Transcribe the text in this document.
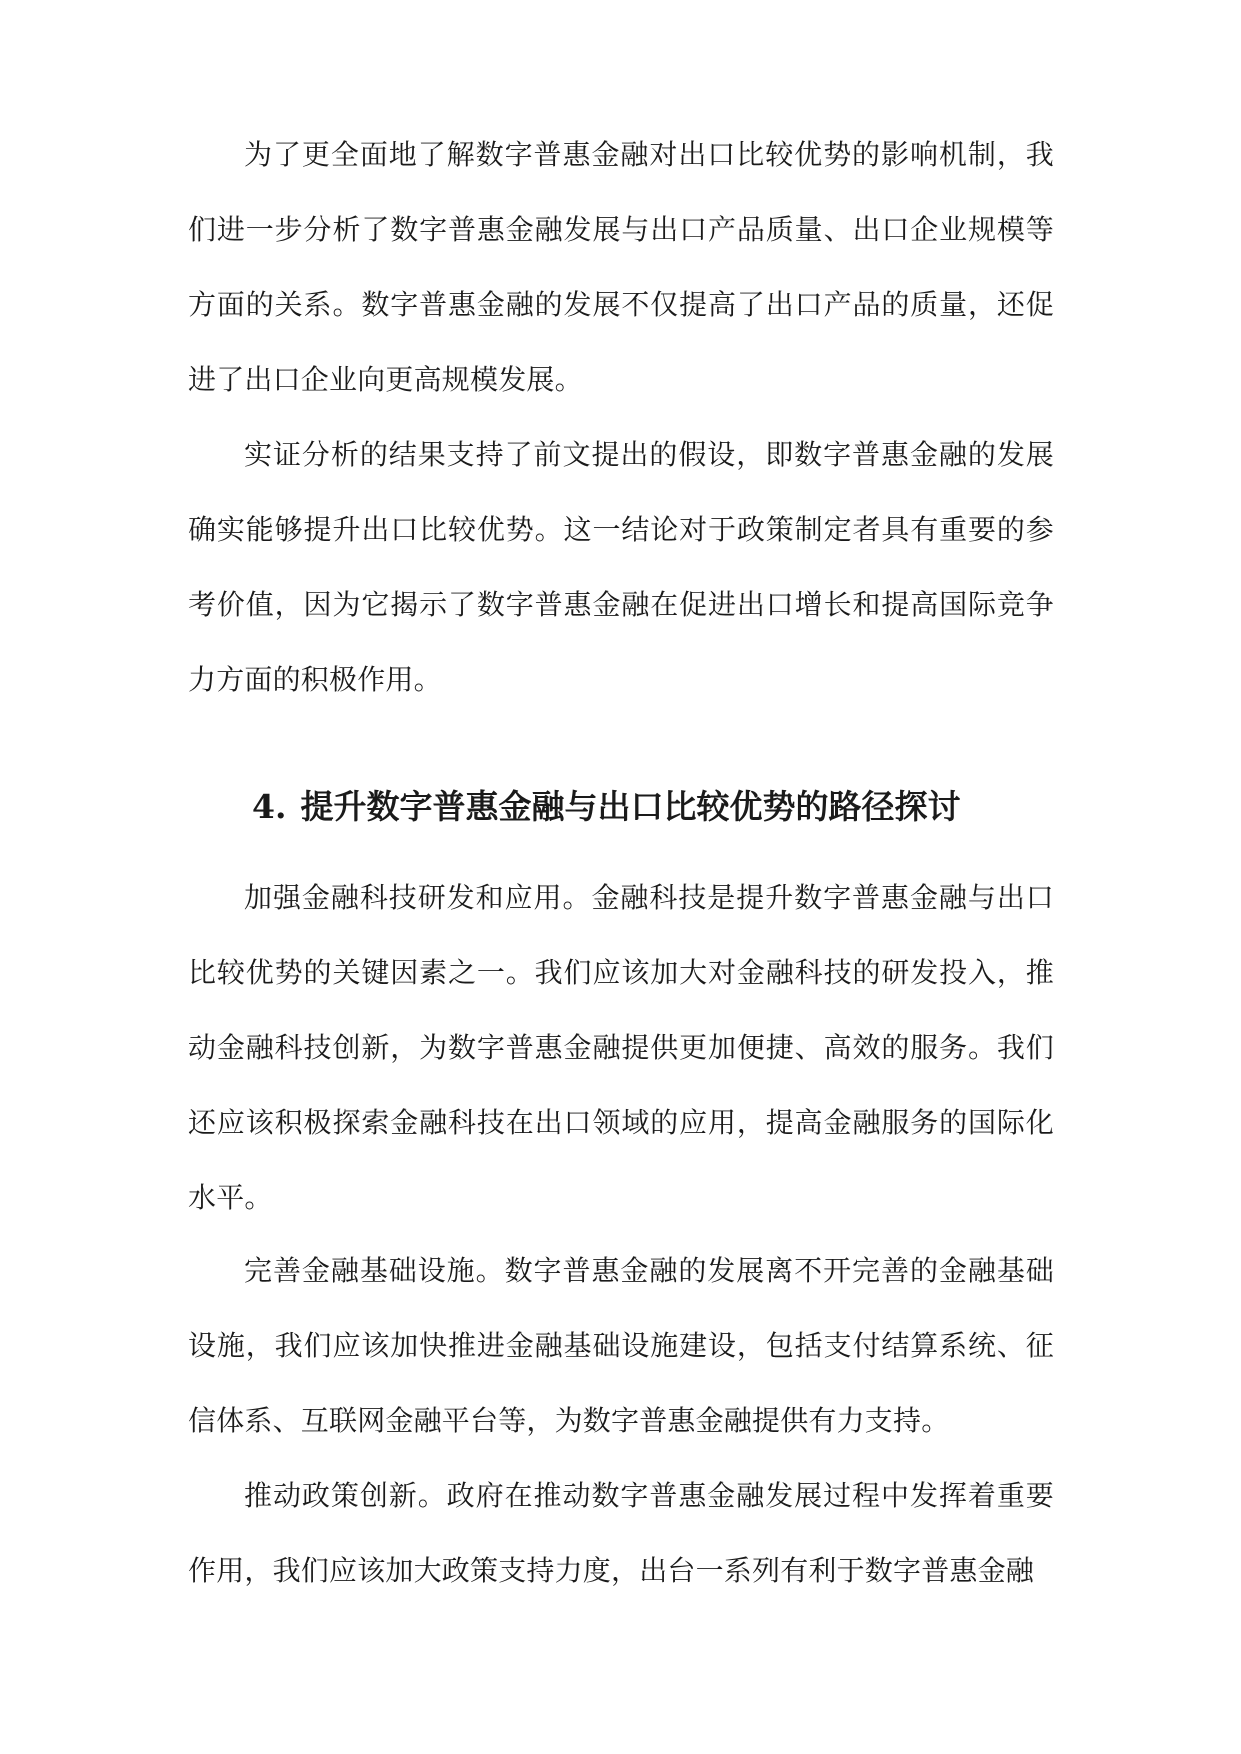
为了更全面地了解数字普惠金融对出口比较优势的影响机制，我们进一步分析了数字普惠金融发展与出口产品质量、出口企业规模等方面的关系。数字普惠金融的发展不仅提高了出口产品的质量，还促进了出口企业向更高规模发展。

实证分析的结果支持了前文提出的假设，即数字普惠金融的发展确实能够提升出口比较优势。这一结论对于政策制定者具有重要的参考价值，因为它揭示了数字普惠金融在促进出口增长和提高国际竞争力方面的积极作用。

4. 提升数字普惠金融与出口比较优势的路径探讨

加强金融科技研发和应用。金融科技是提升数字普惠金融与出口比较优势的关键因素之一。我们应该加大对金融科技的研发投入，推动金融科技创新，为数字普惠金融提供更加便捷、高效的服务。我们还应该积极探索金融科技在出口领域的应用，提高金融服务的国际化水平。

完善金融基础设施。数字普惠金融的发展离不开完善的金融基础设施，我们应该加快推进金融基础设施建设，包括支付结算系统、征信体系、互联网金融平台等，为数字普惠金融提供有力支持。

推动政策创新。政府在推动数字普惠金融发展过程中发挥着重要作用，我们应该加大政策支持力度，出台一系列有利于数字普惠金融
